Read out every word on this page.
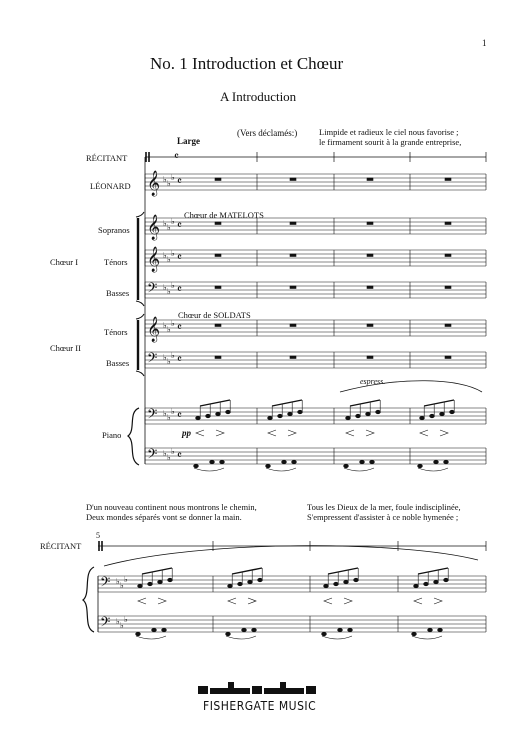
1
No. 1 Introduction et Chœur
A Introduction
Large
(Vers déclamés:)	Limpide et radieux le ciel nous favorise ;
le firmament sourit à la grande entreprise,
RÉCITANT
LÉONARD
Chœur de MATELOTS
Sopranos
Ténors
Basses
Chœur I
Chœur de SOLDATS
Ténors
Basses
Chœur II
Piano	pp
espress.
D'un nouveau continent nous montrons le chemin,
Deux mondes séparés vont se donner la main.
Tous les Dieux de la mer, foule indisciplinée,
S'empressent d'assister à ce noble hymenée ;
5
RÉCITANT
𝄞 ♭ ♭
♭ 𝄴
𝄞 ♭ ♭
♭ 𝄴
𝄞 ♭ ♭
♭ 𝄴
𝄢 ♭ ♭
♭ 𝄴
𝄞 ♭ ♭
♭ 𝄴
𝄢 ♭ ♭
♭ 𝄴
𝄢 ♭ ♭
♭ 𝄴
𝄢 ♭ ♭
♭ 𝄴
𝄴
𝄢 ♭ ♭
♭
𝄢 ♭ ♭
♭
FISHERGATE MUSIC
